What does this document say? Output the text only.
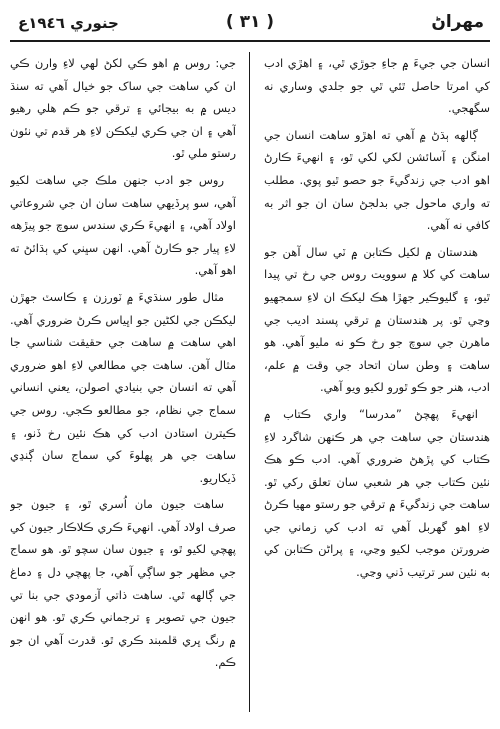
جنوري ١٩٤٦ع	( ٣١ )	مهراڻ

انسان جي جيءَ ۾ جاءِ جوڙي ٿي، ۽ اهڙي ادب کي امرتا حاصل ٿئي ٿي جو جلدي وساري نه سگهجي.

ڳالهه ٻڌڻ ۾ آهي ته اهڙو ساهت انسان جي امنگن ۽ آسائشن لکي لکي ٿو، ۽ انهيءَ ڪارڻ اهو ادب جي زندگيءَ جو حصو ٿيو پوي. مطلب ته واري ماحول جي بدلجڻ سان ان جو اثر به کافي نه آهي.

هندستان ۾ لکيل ڪتابن ۾ ٽي سال آهن جو ساهت کي کلا ۾ سوويت روس جي رخ تي پيدا ٿيو، ۽ گليوڪير جهڙا هڪ ليکڪ ان لاءِ سمجهيو وڃي ٿو. پر هندستان ۾ ترقي پسند اديب جي ماهرن جي سوچ جو رخ ڪو نه مليو آهي. هو ساهت ۽ وطن سان اتحاد جي وقت ۾ علم، ادب، هنر جو ڪو ٿورو لکيو ويو آهي.

انهيءَ پهچڻ ”مدرسا“ واري ڪتاب ۾ هندستان جي ساهت جي هر ڪنهن شاگرد لاءِ ڪتاب کي پڙهڻ ضروري آهي. ادب ڪو هڪ نئين ڪتاب جي هر شعبي سان تعلق رکي ٿو. ساهت جي زندگيءَ ۾ ترقي جو رستو مهيا ڪرڻ لاءِ اهو گهربل آهي ته ادب کي زماني جي ضرورتن موجب لکيو وڃي، ۽ پراڻن ڪتابن کي به نئين سر ترتيب ڏني وڃي.

جي: روس ۾ اهو ڪي لکڻ لهي لاءِ وارن ڪي ان کي ساهت جي ساک جو خيال آهي ته سنڌ ديس ۾ به بيجائي ۽ ترقي جو ڪم هلي رهيو آهي ۽ ان جي ڪري ليکڪن لاءِ هر قدم تي نئون رستو ملي ٿو.

روس جو ادب جنهن ملڪ جي ساهت لکيو آهي، سو پرڏيهي ساهت سان ان جي شروعاتي اولاد آهي، ۽ انهيءَ ڪري سندس سوچ جو پيڙهه لاءِ پيار جو ڪارڻ آهي. انهن سڀني کي ٻڌائڻ ته اهو آهي.

مثال طور سنڌيءَ ۾ ٽورزن ۽ ڪاسٽ جهڙن ليکڪن جي لکڻين جو اڀياس ڪرڻ ضروري آهي. اهي ساهت ۾ ساهت جي حقيقت شناسي جا مثال آهن. ساهت جي مطالعي لاءِ اهو ضروري آهي ته انسان جي بنيادي اصولن، يعني انساني سماج جي نظام، جو مطالعو ڪجي. روس جي ڪيترن استادن ادب کي هڪ نئين رخ ڏنو، ۽ ساهت جي هر پهلوءَ کي سماج سان ڳنڍي ڏيکاريو.

ساهت جيون مان اُسري ٿو، ۽ جيون جو صرف اولاد آهي. انهيءَ ڪري ڪلاڪار جيون کي پهچي لکيو ٿو، ۽ جيون سان سچو ٿو. هو سماج جي مظهر جو ساڳي آهي، جا پهچي دل ۽ دماغ جي ڳالهه ٿي. ساهت ذاتي آزمودي جي بنا تي جيون جي تصوير ۽ ترجماني ڪري ٿو. هو انهن ۾ رنگ ڀري قلمبند ڪري ٿو. قدرت آهي ان جو ڪم.
